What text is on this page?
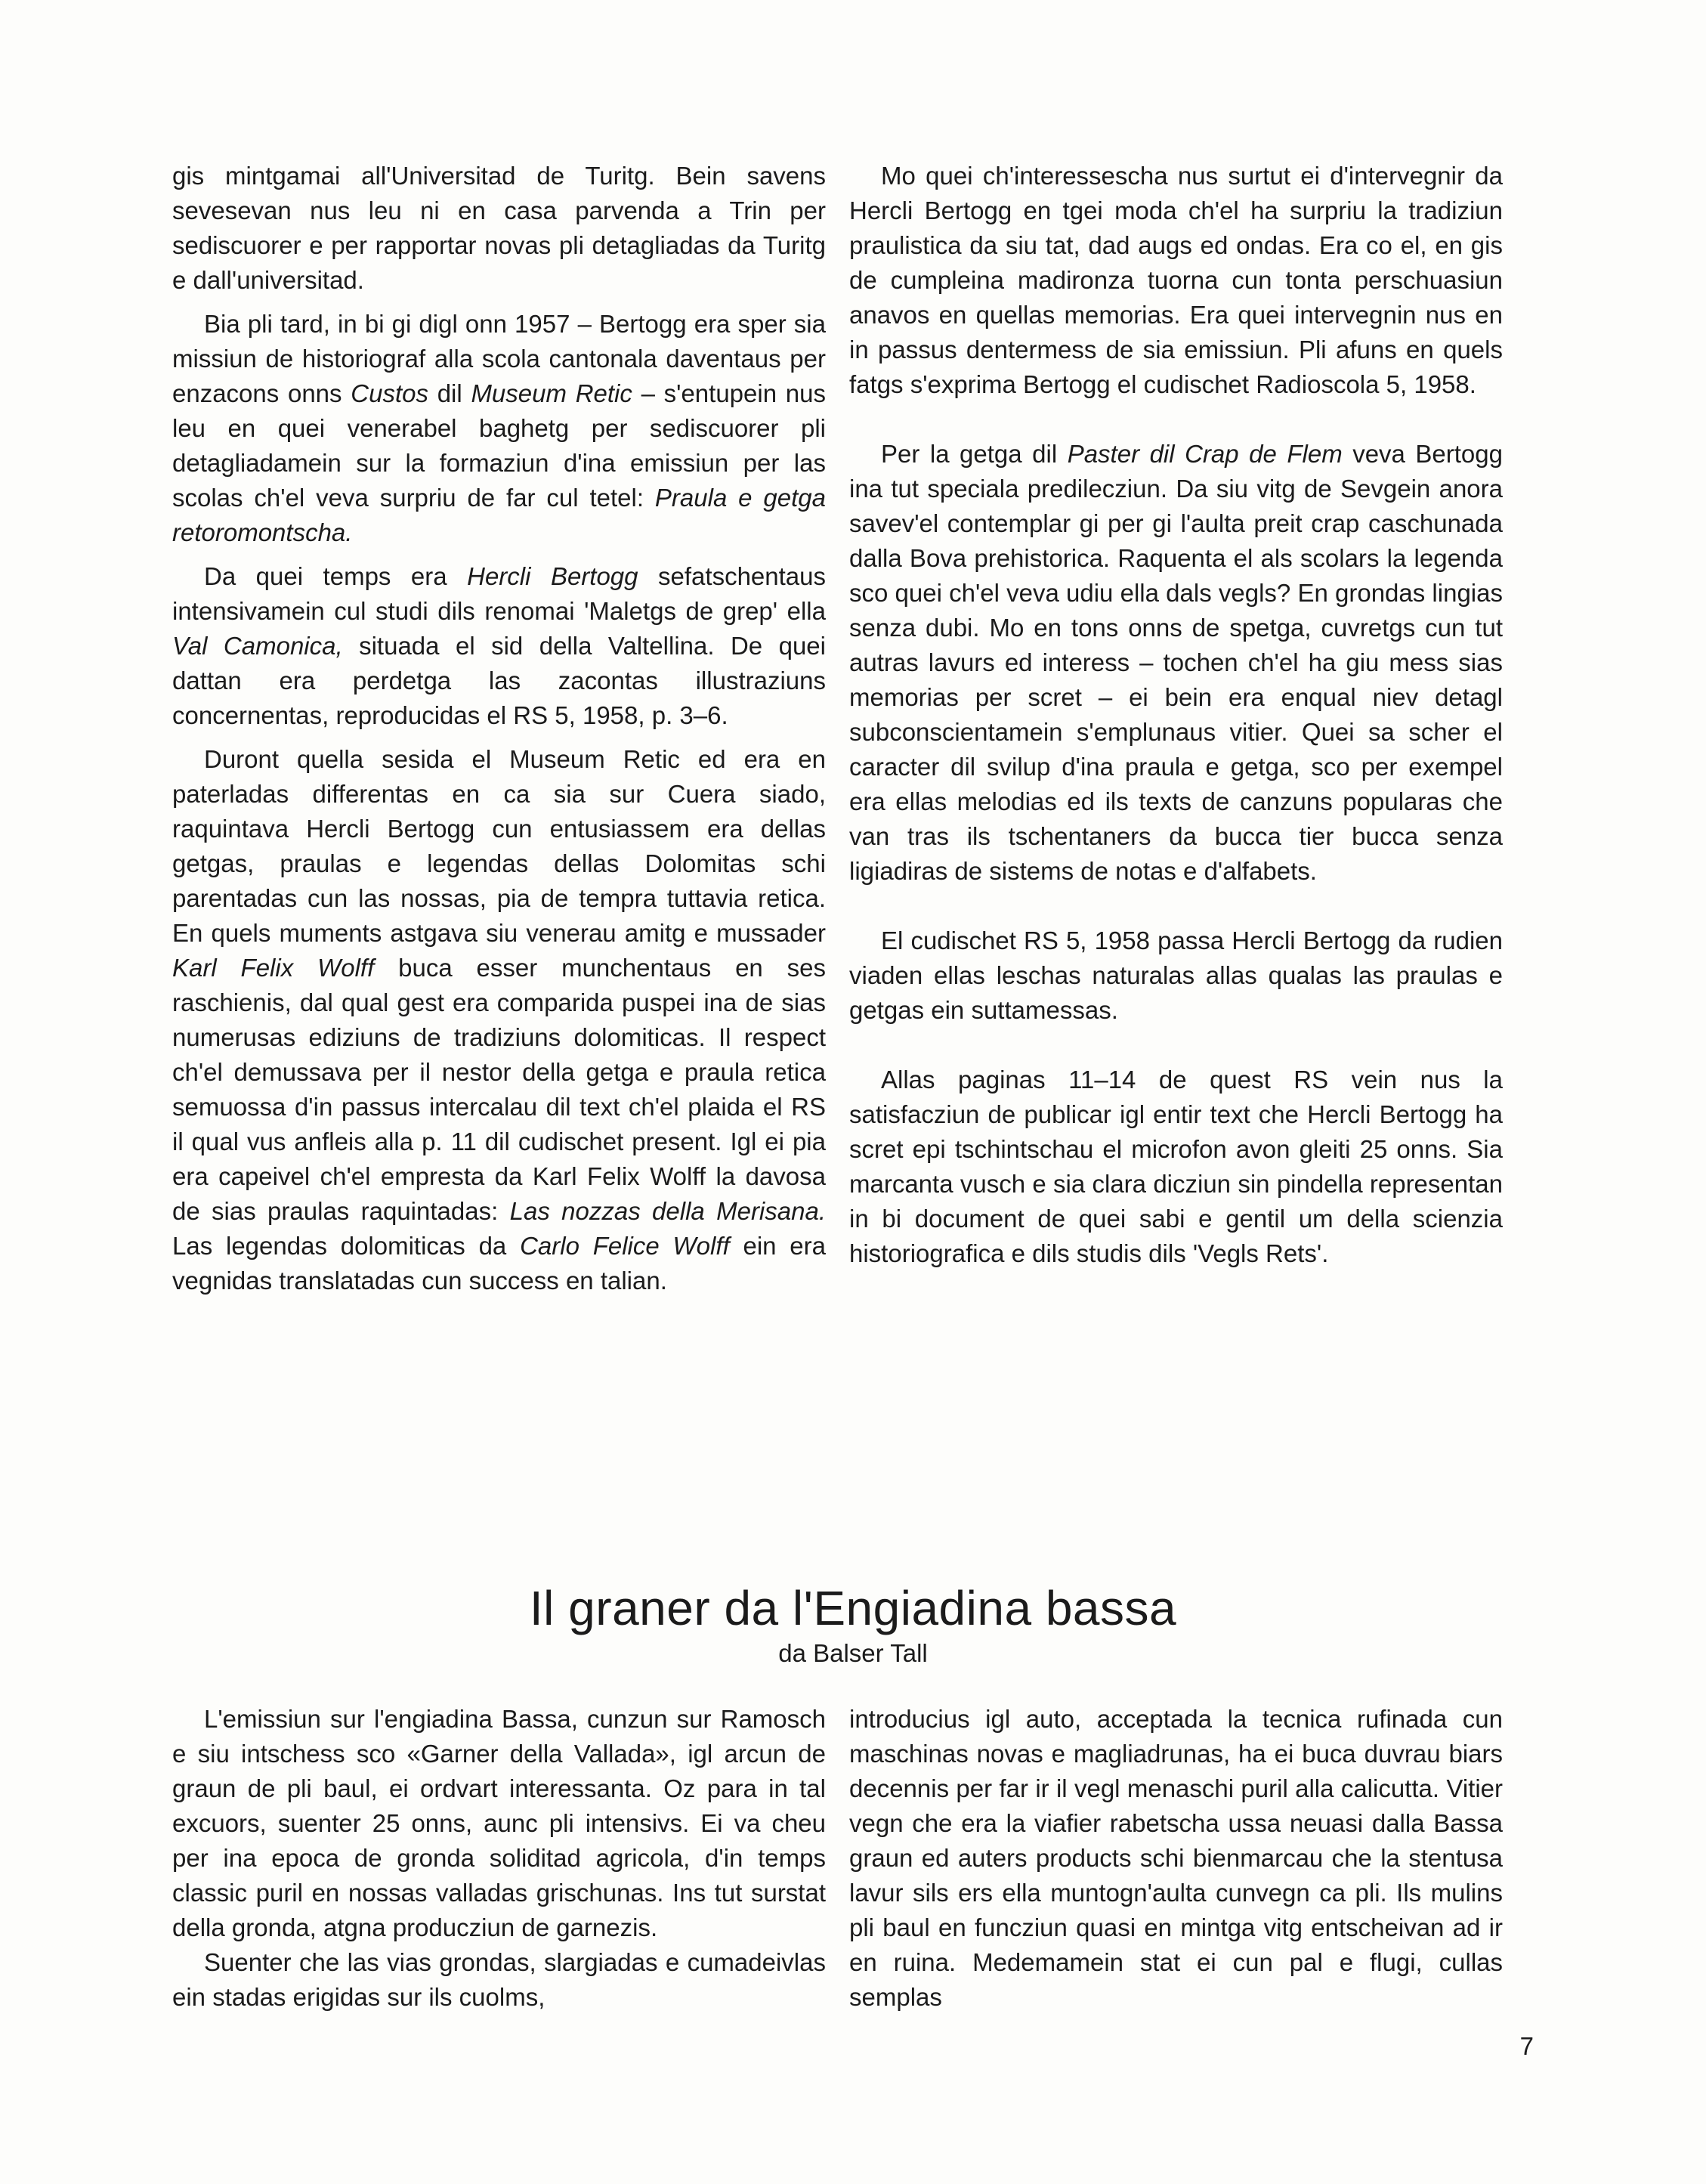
gis mintgamai all'Universitad de Turitg. Bein savens sevesevan nus leu ni en casa parvenda a Trin per sediscuorer e per rapportar novas pli detagliadas da Turitg e dall'universitad.

Bia pli tard, in bi gi digl onn 1957 – Bertogg era sper sia missiun de historiograf alla scola cantonala daventaus per enzacons onns Custos dil Museum Retic – s'entupein nus leu en quei venerabel baghetg per sediscuorer pli detagliadamein sur la formaziun d'ina emissiun per las scolas ch'el veva surpriu de far cul tetel: Praula e getga retoromontscha.

Da quei temps era Hercli Bertogg sefatschentaus intensivamein cul studi dils renomai 'Maletgs de grep' ella Val Camonica, situada el sid della Valtellina. De quei dattan era perdetga las zacontas illustraziuns concernentas, reproducidas el RS 5, 1958, p. 3–6.

Duront quella sesida el Museum Retic ed era en paterladas differentas en ca sia sur Cuera siado, raquintava Hercli Bertogg cun entusiassem era dellas getgas, praulas e legendas dellas Dolomitas schi parentadas cun las nossas, pia de tempra tuttavia retica. En quels muments astgava siu venerau amitg e mussader Karl Felix Wolff buca esser munchentaus en ses raschienis, dal qual gest era comparida puspei ina de sias numerusas ediziuns de tradiziuns dolomiticas. Il respect ch'el demussava per il nestor della getga e praula retica semuossa d'in passus intercalau dil text ch'el plaida el RS il qual vus anfleis alla p. 11 dil cudischet present. Igl ei pia era capeivel ch'el empresta da Karl Felix Wolff la davosa de sias praulas raquintadas: Las nozzas della Merisana. Las legendas dolomiticas da Carlo Felice Wolff ein era vegnidas translatadas cun success en talian.

Mo quei ch'interessescha nus surtut ei d'intervegnir da Hercli Bertogg en tgei moda ch'el ha surpriu la tradiziun praulistica da siu tat, dad augs ed ondas. Era co el, en gis de cumpleina madironza tuorna cun tonta perschuasiun anavos en quellas memorias. Era quei intervegnin nus en in passus dentermess de sia emissiun. Pli afuns en quels fatgs s'exprima Bertogg el cudischet Radioscola 5, 1958.

Per la getga dil Paster dil Crap de Flem veva Bertogg ina tut speciala predilecziun. Da siu vitg de Sevgein anora savev'el contemplar gi per gi l'aulta preit crap caschunada dalla Bova prehistorica. Raquenta el als scolars la legenda sco quei ch'el veva udiu ella dals vegls? En grondas lingias senza dubi. Mo en tons onns de spetga, cuvretgs cun tut autras lavurs ed interess – tochen ch'el ha giu mess sias memorias per scret – ei bein era enqual niev detagl subconscientamein s'emplunaus vitier. Quei sa scher el caracter dil svilup d'ina praula e getga, sco per exempel era ellas melodias ed ils texts de canzuns popularas che van tras ils tschentaners da bucca tier bucca senza ligiadiras de sistems de notas e d'alfabets.

El cudischet RS 5, 1958 passa Hercli Bertogg da rudien viaden ellas leschas naturalas allas qualas las praulas e getgas ein suttamessas.

Allas paginas 11–14 de quest RS vein nus la satisfacziun de publicar igl entir text che Hercli Bertogg ha scret epi tschintschau el microfon avon gleiti 25 onns. Sia marcanta vusch e sia clara dicziun sin pindella representan in bi document de quei sabi e gentil um della scienzia historiografica e dils studis dils 'Vegls Rets'.

Il graner da l'Engiadina bassa
da Balser Tall

L'emissiun sur l'engiadina Bassa, cunzun sur Ramosch e siu intschess sco «Garner della Vallada», igl arcun de graun de pli baul, ei ordvart interessanta. Oz para in tal excuors, suenter 25 onns, aunc pli intensivs. Ei va cheu per ina epoca de gronda soliditad agricola, d'in temps classic puril en nossas valladas grischunas. Ins tut surstat della gronda, atgna producziun de garnezis.

Suenter che las vias grondas, slargiadas e cumadeivlas ein stadas erigidas sur ils cuolms,

introducius igl auto, acceptada la tecnica rufinada cun maschinas novas e magliadrunas, ha ei buca duvrau biars decennis per far ir il vegl menaschi puril alla calicutta. Vitier vegn che era la viafier rabetscha ussa neuasi dalla Bassa graun ed auters products schi bienmarcau che la stentusa lavur sils ers ella muntogn'aulta cunvegn ca pli. Ils mulins pli baul en funcziun quasi en mintga vitg entscheivan ad ir en ruina. Medemamein stat ei cun pal e flugi, cullas semplas

7
